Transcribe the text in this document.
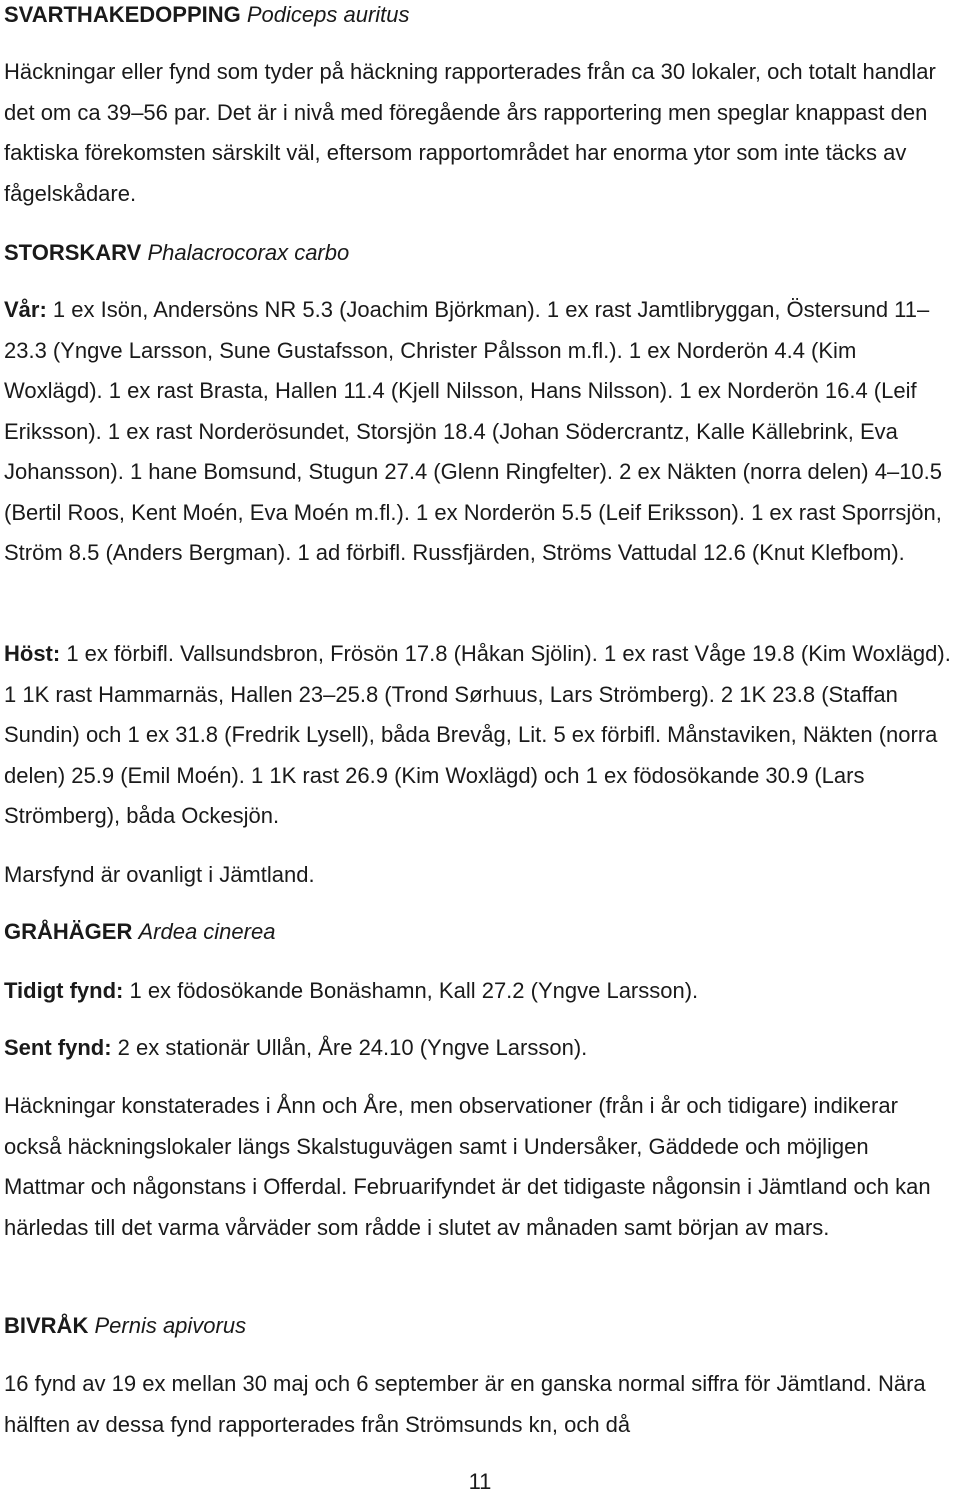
SVARTHAKEDOPPING Podiceps auritus

Häckningar eller fynd som tyder på häckning rapporterades från ca 30 lokaler, och totalt handlar det om ca 39–56 par. Det är i nivå med föregående års rapportering men speglar knappast den faktiska förekomsten särskilt väl, eftersom rapportområdet har enorma ytor som inte täcks av fågelskådare.

STORSKARV Phalacrocorax carbo

Vår: 1 ex Isön, Andersöns NR 5.3 (Joachim Björkman). 1 ex rast Jamtlibryggan, Östersund 11–23.3 (Yngve Larsson, Sune Gustafsson, Christer Pålsson m.fl.). 1 ex Norderön 4.4 (Kim Woxlägd). 1 ex rast Brasta, Hallen 11.4 (Kjell Nilsson, Hans Nilsson). 1 ex Norderön 16.4 (Leif Eriksson). 1 ex rast Norderösundet, Storsjön 18.4 (Johan Södercrantz, Kalle Källebrink, Eva Johansson). 1 hane Bomsund, Stugun 27.4 (Glenn Ringfelter). 2 ex Näkten (norra delen) 4–10.5 (Bertil Roos, Kent Moén, Eva Moén m.fl.). 1 ex Norderön 5.5 (Leif Eriksson). 1 ex rast Sporrsjön, Ström 8.5 (Anders Bergman). 1 ad förbifl. Russfjärden, Ströms Vattudal 12.6 (Knut Klefbom).

Höst: 1 ex förbifl. Vallsundsbron, Frösön 17.8 (Håkan Sjölin). 1 ex rast Våge 19.8 (Kim Woxlägd). 1 1K rast Hammarnäs, Hallen 23–25.8 (Trond Sørhuus, Lars Strömberg). 2 1K 23.8 (Staffan Sundin) och 1 ex 31.8 (Fredrik Lysell), båda Brevåg, Lit. 5 ex förbifl. Månstaviken, Näkten (norra delen) 25.9 (Emil Moén). 1 1K rast 26.9 (Kim Woxlägd) och 1 ex födosökande 30.9 (Lars Strömberg), båda Ockesjön.

Marsfynd är ovanligt i Jämtland.

GRÅHÄGER Ardea cinerea

Tidigt fynd: 1 ex födosökande Bonäshamn, Kall 27.2 (Yngve Larsson).

Sent fynd: 2 ex stationär Ullån, Åre 24.10 (Yngve Larsson).

Häckningar konstaterades i Ånn och Åre, men observationer (från i år och tidigare) indikerar också häckningslokaler längs Skalstuguvägen samt i Undersåker, Gäddede och möjligen Mattmar och någonstans i Offerdal. Februarifyndet är det tidigaste någonsin i Jämtland och kan härledas till det varma vårväder som rådde i slutet av månaden samt början av mars.

BIVRÅK Pernis apivorus

16 fynd av 19 ex mellan 30 maj och 6 september är en ganska normal siffra för Jämtland. Nära hälften av dessa fynd rapporterades från Strömsunds kn, och då

11
